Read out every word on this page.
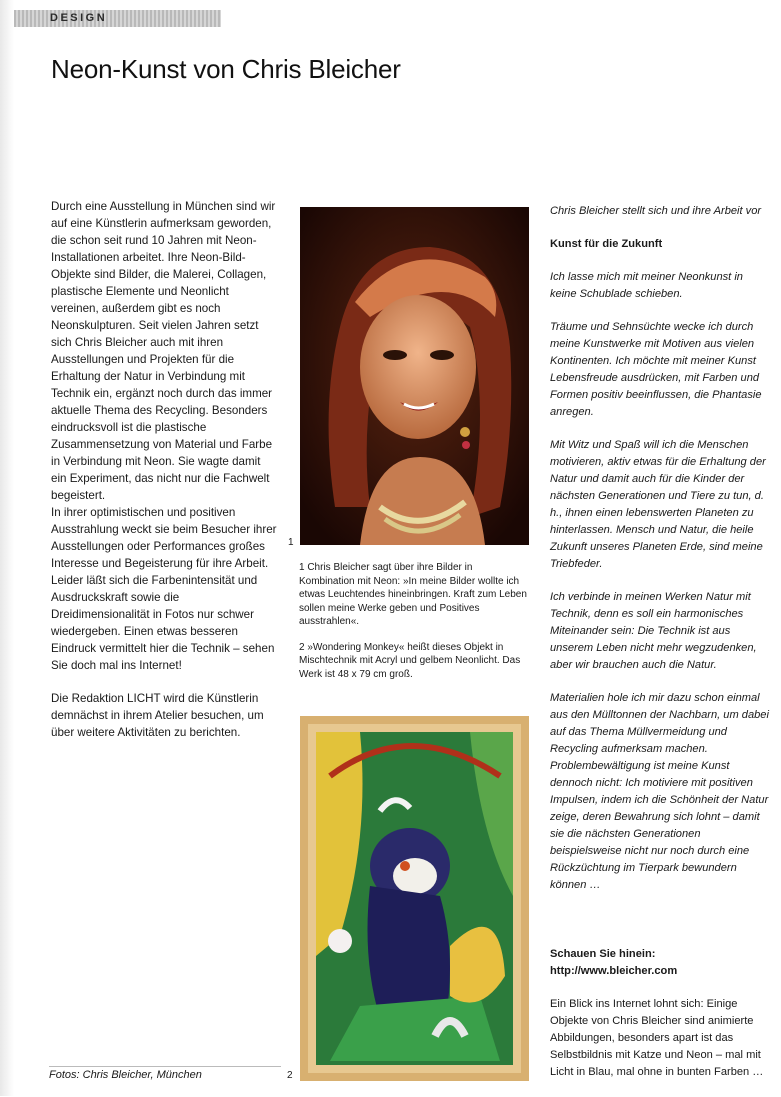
DESIGN
Neon-Kunst von Chris Bleicher

Durch eine Ausstellung in München sind wir auf eine Künstlerin aufmerksam geworden, die schon seit rund 10 Jahren mit Neon-Installationen arbeitet. Ihre Neon-Bild-Objekte sind Bilder, die Malerei, Collagen, plastische Elemente und Neonlicht vereinen, außerdem gibt es noch Neonskulpturen. Seit vielen Jahren setzt sich Chris Bleicher auch mit ihren Ausstellungen und Projekten für die Erhaltung der Natur in Verbindung mit Technik ein, ergänzt noch durch das immer aktuelle Thema des Recycling. Besonders eindrucksvoll ist die plastische Zusammensetzung von Material und Farbe in Verbindung mit Neon. Sie wagte damit ein Experiment, das nicht nur die Fachwelt begeistert.
In ihrer optimistischen und positiven Ausstrahlung weckt sie beim Besucher ihrer Ausstellungen oder Performances großes Interesse und Begeisterung für ihre Arbeit. Leider läßt sich die Farbenintensität und Ausdruckskraft sowie die Dreidimensionalität in Fotos nur schwer wiedergeben. Einen etwas besseren Eindruck vermittelt hier die Technik – sehen Sie doch mal ins Internet!

Die Redaktion LICHT wird die Künstlerin demnächst in ihrem Atelier besuchen, um über weitere Aktivitäten zu berichten.

1

1 Chris Bleicher sagt über ihre Bilder in Kombination mit Neon: »In meine Bilder wollte ich etwas Leuchtendes hineinbringen. Kraft zum Leben sollen meine Werke geben und Positives ausstrahlen«.

2 »Wondering Monkey« heißt dieses Objekt in Mischtechnik mit Acryl und gelbem Neonlicht. Das Werk ist 48 x 79 cm groß.

2

Chris Bleicher stellt sich und ihre Arbeit vor

Kunst für die Zukunft

Ich lasse mich mit meiner Neonkunst in keine Schublade schieben.

Träume und Sehnsüchte wecke ich durch meine Kunstwerke mit Motiven aus vielen Kontinenten. Ich möchte mit meiner Kunst Lebensfreude ausdrücken, mit Farben und Formen positiv beeinflussen, die Phantasie anregen.

Mit Witz und Spaß will ich die Menschen motivieren, aktiv etwas für die Erhaltung der Natur und damit auch für die Kinder der nächsten Generationen und Tiere zu tun, d. h., ihnen einen lebenswerten Planeten zu hinterlassen. Mensch und Natur, die heile Zukunft unseres Planeten Erde, sind meine Triebfeder.

Ich verbinde in meinen Werken Natur mit Technik, denn es soll ein harmonisches Miteinander sein: Die Technik ist aus unserem Leben nicht mehr wegzudenken, aber wir brauchen auch die Natur.

Materialien hole ich mir dazu schon einmal aus den Mülltonnen der Nachbarn, um dabei auf das Thema Müllvermeidung und Recycling aufmerksam machen. Problembewältigung ist meine Kunst dennoch nicht: Ich motiviere mit positiven Impulsen, indem ich die Schönheit der Natur zeige, deren Bewahrung sich lohnt – damit sie die nächsten Generationen beispielsweise nicht nur noch durch eine Rückzüchtung im Tierpark bewundern können …

Schauen Sie hinein:
http://www.bleicher.com

Ein Blick ins Internet lohnt sich: Einige Objekte von Chris Bleicher sind animierte Abbildungen, besonders apart ist das Selbstbildnis mit Katze und Neon – mal mit Licht in Blau, mal ohne in bunten Farben …

Fotos: Chris Bleicher, München
